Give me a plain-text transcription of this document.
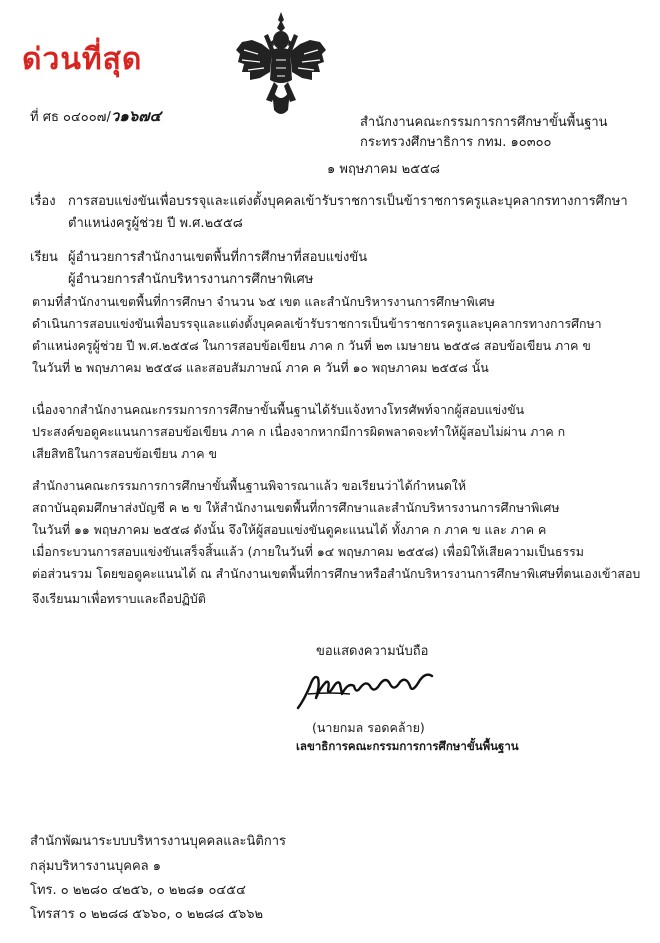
ด่วนที่สุด
ที่ ศธ ๐๔๐๐๗/ว๑๖๗๔	สำนักงานคณะกรรมการการศึกษาขั้นพื้นฐาน
กระทรวงศึกษาธิการ กทม. ๑๐๓๐๐
๑ พฤษภาคม ๒๕๕๘
เรื่อง การสอบแข่งขันเพื่อบรรจุและแต่งตั้งบุคคลเข้ารับราชการเป็นข้าราชการครูและบุคลากรทางการศึกษา
ตำแหน่งครูผู้ช่วย ปี พ.ศ.๒๕๕๘
เรียน ผู้อำนวยการสำนักงานเขตพื้นที่การศึกษาที่สอบแข่งขัน
ผู้อำนวยการสำนักบริหารงานการศึกษาพิเศษ
ตามที่สำนักงานเขตพื้นที่การศึกษา จำนวน ๖๕ เขต และสำนักบริหารงานการศึกษาพิเศษ
ดำเนินการสอบแข่งขันเพื่อบรรจุและแต่งตั้งบุคคลเข้ารับราชการเป็นข้าราชการครูและบุคลากรทางการศึกษา
ตำแหน่งครูผู้ช่วย ปี พ.ศ.๒๕๕๘ ในการสอบข้อเขียน ภาค ก วันที่ ๒๓ เมษายน ๒๕๕๘ สอบข้อเขียน ภาค ข
ในวันที่ ๒ พฤษภาคม ๒๕๕๘ และสอบสัมภาษณ์ ภาค ค วันที่ ๑๐ พฤษภาคม ๒๕๕๘ นั้น
เนื่องจากสำนักงานคณะกรรมการการศึกษาขั้นพื้นฐานได้รับแจ้งทางโทรศัพท์จากผู้สอบแข่งขัน
ประสงค์ขอดูคะแนนการสอบข้อเขียน ภาค ก เนื่องจากหากมีการผิดพลาดจะทำให้ผู้สอบไม่ผ่าน ภาค ก
เสียสิทธิในการสอบข้อเขียน ภาค ข
สำนักงานคณะกรรมการการศึกษาขั้นพื้นฐานพิจารณาแล้ว ขอเรียนว่าได้กำหนดให้
สถาบันอุดมศึกษาส่งบัญชี ค ๒ ข ให้สำนักงานเขตพื้นที่การศึกษาและสำนักบริหารงานการศึกษาพิเศษ
ในวันที่ ๑๑ พฤษภาคม ๒๕๕๘ ดังนั้น จึงให้ผู้สอบแข่งขันดูคะแนนได้ ทั้งภาค ก ภาค ข และ ภาค ค
เมื่อกระบวนการสอบแข่งขันเสร็จสิ้นแล้ว (ภายในวันที่ ๑๔ พฤษภาคม ๒๕๕๘) เพื่อมิให้เสียความเป็นธรรม
ต่อส่วนรวม โดยขอดูคะแนนได้ ณ สำนักงานเขตพื้นที่การศึกษาหรือสำนักบริหารงานการศึกษาพิเศษที่ตนเองเข้าสอบ
จึงเรียนมาเพื่อทราบและถือปฏิบัติ
ขอแสดงความนับถือ
(นายกมล รอดคล้าย)
เลขาธิการคณะกรรมการการศึกษาขั้นพื้นฐาน
สำนักพัฒนาระบบบริหารงานบุคคลและนิติการ
กลุ่มบริหารงานบุคคล ๑
โทร. ๐ ๒๒๘๐ ๔๒๕๖, ๐ ๒๒๘๑ ๐๔๕๔
โทรสาร ๐ ๒๒๘๘ ๕๖๖๐, ๐ ๒๒๘๘ ๕๖๖๒
